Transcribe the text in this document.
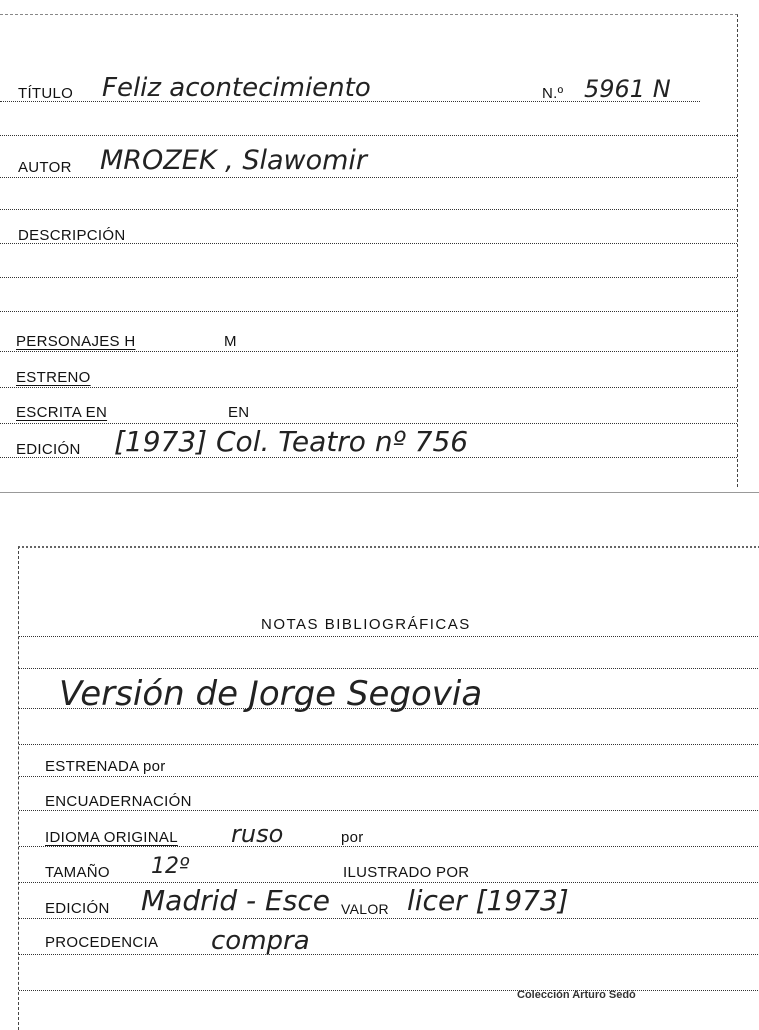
TÍTULO Feliz acontecimiento	N.º 5961 N
AUTOR MROZEK , Slawomir
DESCRIPCIÓN
PERSONAJES H	M
ESTRENO
ESCRITA EN	EN
EDICIÓN [1973] Col. Teatro nº 756
NOTAS BIBLIOGRÁFICAS
Versión de Jorge Segovia
ESTRENADA por
ENCUADERNACIÓN
IDIOMA ORIGINAL ruso	por
TAMAÑO 12º	ILUSTRADO POR
EDICIÓN Madrid - Esce VALOR licer [1973]
PROCEDENCIA compra
Colección Arturo Sedó
